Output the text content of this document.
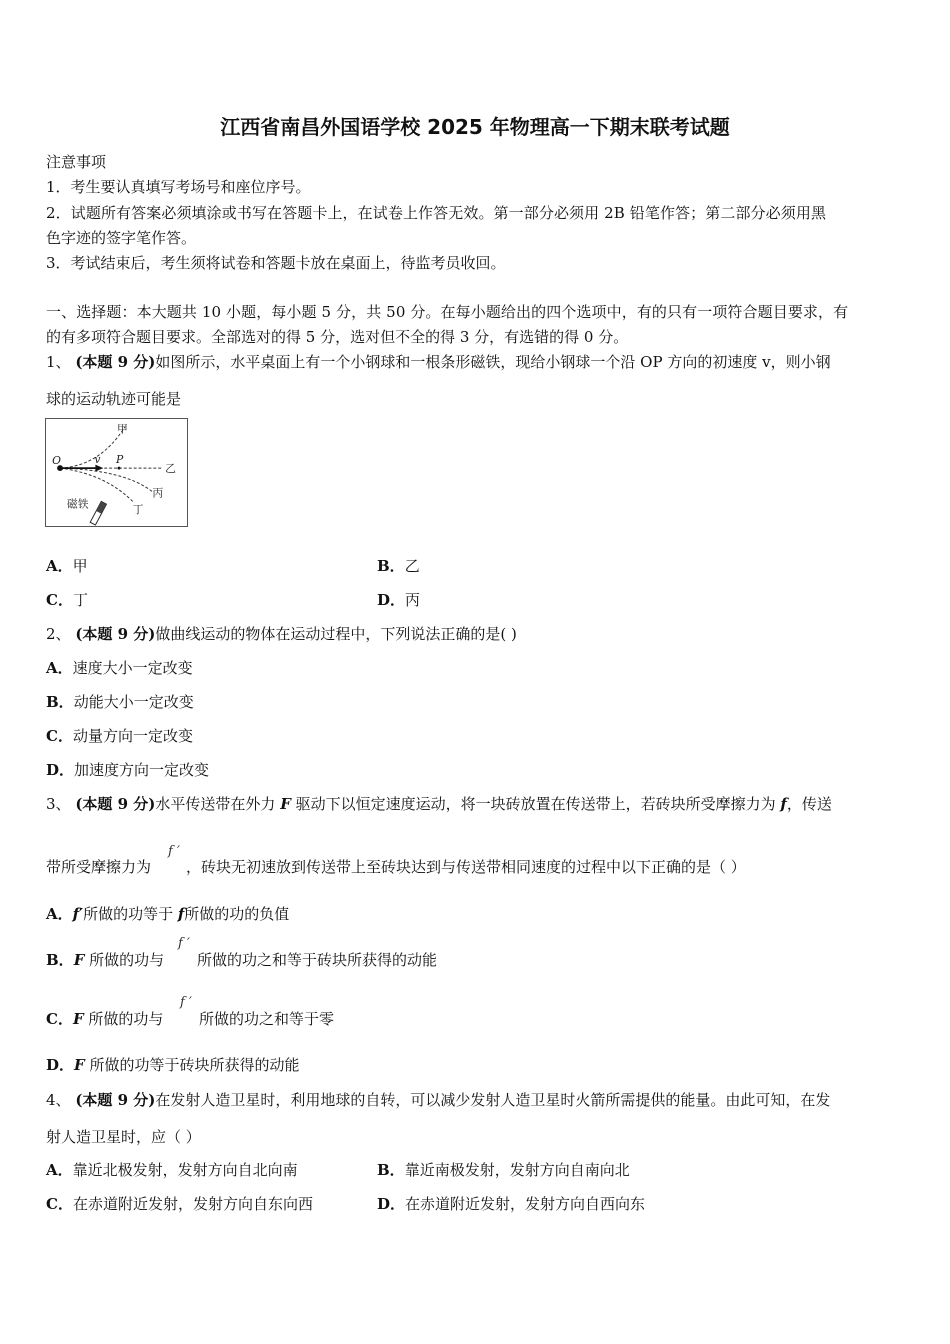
江西省南昌外国语学校 2025 年物理高一下期末联考试题
注意事项
1．考生要认真填写考场号和座位序号。
2．试题所有答案必须填涂或书写在答题卡上，在试卷上作答无效。第一部分必须用 2B 铅笔作答；第二部分必须用黑
色字迹的签字笔作答。
3．考试结束后，考生须将试卷和答题卡放在桌面上，待监考员收回。
一、选择题：本大题共 10 小题，每小题 5 分，共 50 分。在每小题给出的四个选项中，有的只有一项符合题目要求，有
的有多项符合题目要求。全部选对的得 5 分，选对但不全的得 3 分，有选错的得 0 分。
1、 (本题 9 分)如图所示，水平桌面上有一个小钢球和一根条形磁铁，现给小钢球一个沿 OP 方向的初速度 v，则小钢
球的运动轨迹可能是
O	v P
甲
乙
丙
丁
磁铁
A．甲	B．乙
C．丁	D．丙
2、 (本题 9 分)做曲线运动的物体在运动过程中，下列说法正确的是( )
A．速度大小一定改变
B．动能大小一定改变
C．动量方向一定改变
D．加速度方向一定改变
3、 (本题 9 分)水平传送带在外力 F 驱动下以恒定速度运动，将一块砖放置在传送带上，若砖块所受摩擦力为 f，传送
带所受摩擦力为
f ′
，砖块无初速放到传送带上至砖块达到与传送带相同速度的过程中以下正确的是（ ）
A．f′所做的功等于 f所做的功的负值
B．F 所做的功与
f ′
所做的功之和等于砖块所获得的动能
C．F 所做的功与
f ′
所做的功之和等于零
D．F 所做的功等于砖块所获得的动能
4、 (本题 9 分)在发射人造卫星时，利用地球的自转，可以减少发射人造卫星时火箭所需提供的能量。由此可知，在发
射人造卫星时，应（ ）
A．靠近北极发射，发射方向自北向南	B．靠近南极发射，发射方向自南向北
C．在赤道附近发射，发射方向自东向西	D．在赤道附近发射，发射方向自西向东
